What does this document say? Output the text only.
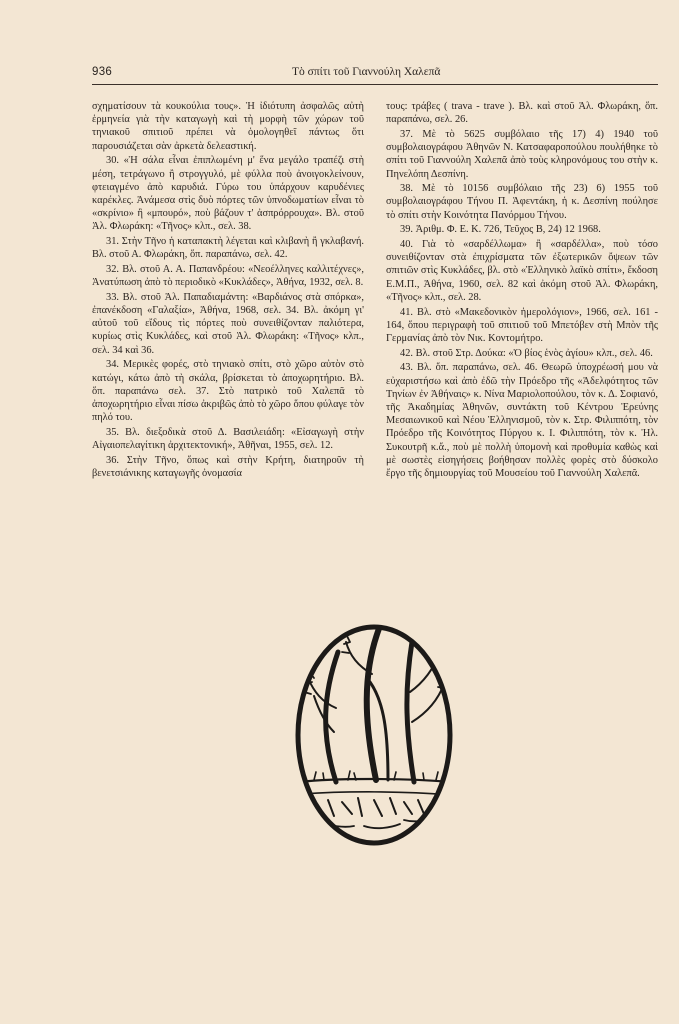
936	Τὸ σπίτι τοῦ Γιαννούλη Χαλεπᾶ

σχηματίσουν τὰ κουκούλια τους». Ἡ ἰδιότυπη ἀσφαλῶς αὐτὴ ἑρμηνεία γιὰ τὴν καταγωγὴ καὶ τὴ μορφὴ τῶν χώρων τοῦ τηνιακοῦ σπιτιοῦ πρέπει νὰ ὁμολογηθεῖ πάντως ὅτι παρουσιάζεται σὰν ἀρκετὰ δελεαστική.

30. «Ἡ σάλα εἶναι ἐπιπλωμένη μ' ἕνα μεγάλο τραπέζι στὴ μέση, τετράγωνο ἢ στρογγυλό, μὲ φύλλα ποὺ ἀνοιγοκλείνουν, φτειαγμένο ἀπὸ καρυδιά. Γύρω του ὑπάρχουν καρυδένιες καρέκλες. Ἀνάμεσα στὶς δυὸ πόρτες τῶν ὑπνοδωματίων εἶναι τὸ «σκρίνιο» ἢ «μπουρό», ποὺ βάζουν τ' ἀσπρόρρουχα». Βλ. στοῦ Ἀλ. Φλωράκη: «Τῆνος» κλπ., σελ. 38.

31. Στὴν Τῆνο ἡ καταπακτὴ λέγεται καὶ κλιβανὴ ἢ γκλαβανή. Βλ. στοῦ Α. Φλωράκη, ὅπ. παραπάνω, σελ. 42.

32. Βλ. στοῦ Α. Α. Παπανδρέου: «Νεοέλληνες καλλιτέχνες», Ἀνατύπωση ἀπὸ τὸ περιοδικὸ «Κυκλάδες», Ἀθήνα, 1932, σελ. 8.

33. Βλ. στοῦ Ἀλ. Παπαδιαμάντη: «Βαρδιάνος στὰ σπόρκα», ἐπανέκδοση «Γαλαξία», Ἀθήνα, 1968, σελ. 34. Βλ. ἀκόμη γι' αὐτοῦ τοῦ εἴδους τὶς πόρτες ποὺ συνειθίζονταν παλιότερα, κυρίως στὶς Κυκλάδες, καὶ στοῦ Ἀλ. Φλωράκη: «Τῆνος» κλπ., σελ. 34 καὶ 36.

34. Μερικὲς φορές, στὸ τηνιακὸ σπίτι, στὸ χῶρο αὐτὸν στὸ κατώγι, κάτω ἀπὸ τὴ σκάλα, βρίσκεται τὸ ἀποχωρητήριο. Βλ. ὅπ. παραπάνω σελ. 37. Στὸ πατρικὸ τοῦ Χαλεπᾶ τὸ ἀποχωρητήριο εἶναι πίσω ἀκριβῶς ἀπὸ τὸ χῶρο ὅπου φύλαγε τὸν πηλό του.

35. Βλ. διεξοδικὰ στοῦ Δ. Βασιλειάδη: «Εἰσαγωγὴ στὴν Αἰγαιοπελαγίτικη ἀρχιτεκτονική», Ἀθῆναι, 1955, σελ. 12.

36. Στὴν Τῆνο, ὅπως καὶ στὴν Κρήτη, διατηροῦν τὴ βενετσιάνικης καταγωγῆς ὀνομασία

τους: τράβες ( trava - trave ). Βλ. καὶ στοῦ Ἀλ. Φλωράκη, ὅπ. παραπάνω, σελ. 26.

37. Μὲ τὸ 5625 συμβόλαιο τῆς 17) 4) 1940 τοῦ συμβολαιογράφου Ἀθηνῶν Ν. Κατσαφαροπούλου πουλήθηκε τὸ σπίτι τοῦ Γιαννούλη Χαλεπᾶ ἀπὸ τοὺς κληρονόμους του στὴν κ. Πηνελόπη Δεσπίνη.

38. Μὲ τὸ 10156 συμβόλαιο τῆς 23) 6) 1955 τοῦ συμβολαιογράφου Τήνου Π. Ἀφεντάκη, ἡ κ. Δεσπίνη πούλησε τὸ σπίτι στὴν Κοινότητα Πανόρμου Τήνου.

39. Ἀριθμ. Φ. Ε. Κ. 726, Τεῦχος Β, 24) 12 1968.

40. Γιὰ τὸ «σαρδέλλωμα» ἢ «σαρδέλλα», ποὺ τόσο συνειθίζονταν στὰ ἐπιχρίσματα τῶν ἐξωτερικῶν ὄψεων τῶν σπιτιῶν στὶς Κυκλάδες, βλ. στὸ «Ἑλληνικὸ λαϊκὸ σπίτι», ἔκδοση Ε.Μ.Π., Ἀθήνα, 1960, σελ. 82 καὶ ἀκόμη στοῦ Ἀλ. Φλωράκη, «Τῆνος» κλπ., σελ. 28.

41. Βλ. στὸ «Μακεδονικὸν ἡμερολόγιον», 1966, σελ. 161 - 164, ὅπου περιγραφὴ τοῦ σπιτιοῦ τοῦ Μπετόβεν στὴ Μπὸν τῆς Γερμανίας ἀπὸ τὸν Νικ. Κοντομήτρο.

42. Βλ. στοῦ Στρ. Δούκα: «Ὁ βίος ἑνὸς ἀγίου» κλπ., σελ. 46.

43. Βλ. ὅπ. παραπάνω, σελ. 46. Θεωρῶ ὑποχρέωσή μου νὰ εὐχαριστήσω καὶ ἀπὸ ἐδῶ τὴν Πρόεδρο τῆς «Ἀδελφότητος τῶν Τηνίων ἐν Ἀθήναις» κ. Νίνα Μαριολοπούλου, τὸν κ. Δ. Σοφιανό, τῆς Ἀκαδημίας Ἀθηνῶν, συντάκτη τοῦ Κέντρου Ἐρεύνης Μεσαιωνικοῦ καὶ Νέου Ἑλληνισμοῦ, τὸν κ. Στρ. Φιλιππότη, τὸν Πρόεδρο τῆς Κοινότητος Πύργου κ. Ι. Φιλιππότη, τὸν κ. Ἠλ. Συκουτρῆ κ.ἄ., ποὺ μὲ πολλὴ ὑπομονὴ καὶ προθυμία καθὼς καὶ μὲ σωστὲς εἰσηγήσεις βοήθησαν πολλὲς φορὲς στὸ δύσκολο ἔργο τῆς δημιουργίας τοῦ Μουσείου τοῦ Γιαννούλη Χαλεπᾶ.
